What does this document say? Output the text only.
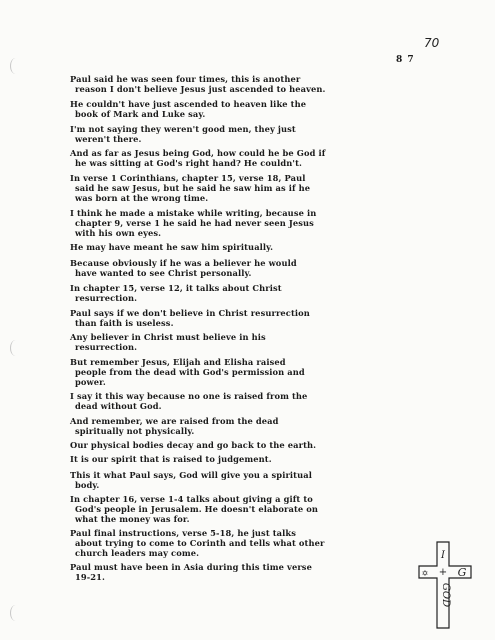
70
8 7

Paul said he was seen four times, this is another
reason I don't believe Jesus just ascended to heaven.

He couldn't have just ascended to heaven like the
book of Mark and Luke say.

I'm not saying they weren't good men, they just
weren't there.

And as far as Jesus being God, how could he be God if
he was sitting at God's right hand? He couldn't.

In verse 1 Corinthians, chapter 15, verse 18, Paul
said he saw Jesus, but he said he saw him as if he
was born at the wrong time.

I think he made a mistake while writing, because in
chapter 9, verse 1 he said he had never seen Jesus
with his own eyes.

He may have meant he saw him spiritually.

Because obviously if he was a believer he would
have wanted to see Christ personally.

In chapter 15, verse 12, it talks about Christ
resurrection.

Paul says if we don't believe in Christ resurrection
than faith is useless.

Any believer in Christ must believe in his
resurrection.

But remember Jesus, Elijah and Elisha raised
people from the dead with God's permission and
power.

I say it this way because no one is raised from the
dead without God.

And remember, we are raised from the dead
spiritually not physically.

Our physical bodies decay and go back to the earth.

It is our spirit that is raised to judgement.

This it what Paul says, God will give you a spiritual
body.

In chapter 16, verse 1-4 talks about giving a gift to
God's people in Jerusalem. He doesn't elaborate on
what the money was for.

Paul final instructions, verse 5-18, he just talks
about trying to come to Corinth and tells what other
church leaders may come.

Paul must have been in Asia during this time verse
19-21.

I
+ G
✡
GOD
